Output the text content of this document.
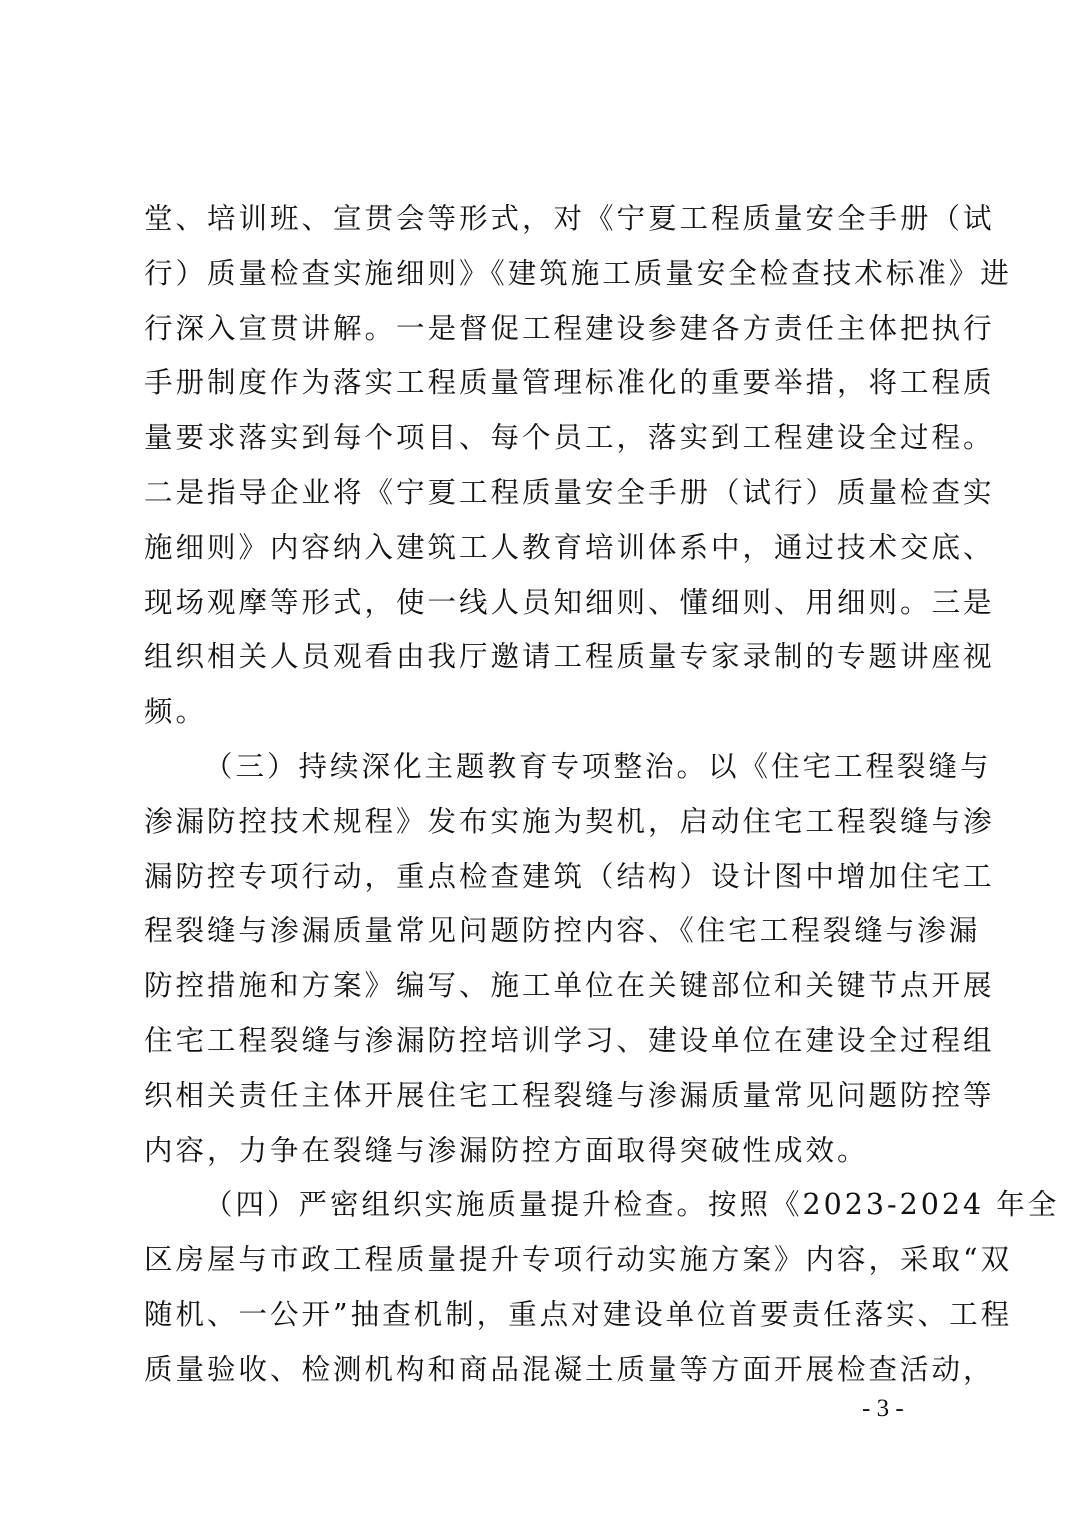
堂、培训班、宣贯会等形式，对《宁夏工程质量安全手册（试
行）质量检查实施细则》《建筑施工质量安全检查技术标准》进
行深入宣贯讲解。一是督促工程建设参建各方责任主体把执行
手册制度作为落实工程质量管理标准化的重要举措，将工程质
量要求落实到每个项目、每个员工，落实到工程建设全过程。
二是指导企业将《宁夏工程质量安全手册（试行）质量检查实
施细则》内容纳入建筑工人教育培训体系中，通过技术交底、
现场观摩等形式，使一线人员知细则、懂细则、用细则。三是
组织相关人员观看由我厅邀请工程质量专家录制的专题讲座视
频。
（三）持续深化主题教育专项整治。以《住宅工程裂缝与
渗漏防控技术规程》发布实施为契机，启动住宅工程裂缝与渗
漏防控专项行动，重点检查建筑（结构）设计图中增加住宅工
程裂缝与渗漏质量常见问题防控内容、《住宅工程裂缝与渗漏
防控措施和方案》编写、施工单位在关键部位和关键节点开展
住宅工程裂缝与渗漏防控培训学习、建设单位在建设全过程组
织相关责任主体开展住宅工程裂缝与渗漏质量常见问题防控等
内容，力争在裂缝与渗漏防控方面取得突破性成效。
（四）严密组织实施质量提升检查。按照《2023-2024 年全
区房屋与市政工程质量提升专项行动实施方案》内容，采取“双
随机、一公开”抽查机制，重点对建设单位首要责任落实、工程
质量验收、检测机构和商品混凝土质量等方面开展检查活动，
- 3 -
